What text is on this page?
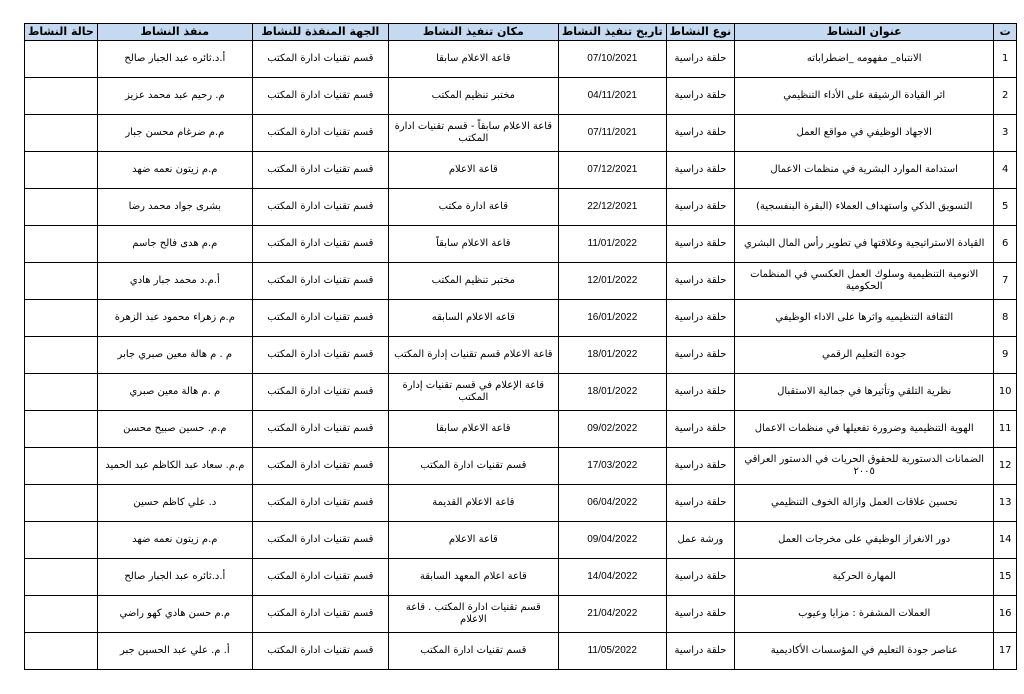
ت	عنوان النشاط	نوع النشاط	تاريخ تنفيذ النشاط	مكان تنفيذ النشاط	الجهة المنفذة للنشاط	منفذ النشاط	حالة النشاط
1	الانتباه_ مفهومه _اضطراباته	حلقة دراسية	07/10/2021	قاعة الاعلام سابقا	قسم تقنيات ادارة المكتب	أ.د.ثائره عبد الجبار صالح	
2	اثر القيادة الرشيقة على الأداء التنظيمي	حلقة دراسية	04/11/2021	مختبر تنظيم المكتب	قسم تقنيات ادارة المكتب	م. رحيم عبد محمد عزيز	
3	الاجهاد الوظيفي في مواقع العمل	حلقة دراسية	07/11/2021	قاعة الاعلام سابقاً - قسم تقنيات ادارة المكتب	قسم تقنيات ادارة المكتب	م.م ضرغام محسن جبار	
4	استدامة الموارد البشرية في منظمات الاعمال	حلقة دراسية	07/12/2021	قاعة الاعلام	قسم تقنيات ادارة المكتب	م.م زيتون نعمه ضهد	
5	التسويق الذكي واستهداف العملاء (البقرة البنفسجية)	حلقة دراسية	22/12/2021	قاعة ادارة مكتب	قسم تقنيات ادارة المكتب	بشرى جواد محمد رضا	
6	القيادة الاستراتيجية وعلاقتها في تطوير رأس المال البشري	حلقة دراسية	11/01/2022	قاعة الاعلام سابقاً	قسم تقنيات ادارة المكتب	م.م هدى فالح جاسم	
7	الانومية التنظيمية وسلوك العمل العكسي في المنظمات الحكومية	حلقة دراسية	12/01/2022	مختبر تنظيم المكتب	قسم تقنيات ادارة المكتب	أ.م.د محمد جبار هادي	
8	الثقافة التنظيميه واثرها على الاداء الوظيفي	حلقة دراسية	16/01/2022	قاعه الاعلام السابقه	قسم تقنيات ادارة المكتب	م.م زهراء محمود عبد الزهرة	
9	جودة التعليم الرقمي	حلقة دراسية	18/01/2022	قاعة الاعلام قسم تقنيات إدارة المكتب	قسم تقنيات ادارة المكتب	م . م هالة معين صبري جابر	
10	نظرية التلقي وتأثيرها في جمالية الاستقبال	حلقة دراسية	18/01/2022	قاعة الإعلام في قسم تقنيات إدارة المكتب	قسم تقنيات ادارة المكتب	م .م هالة معين صبري	
11	الهوية التنظيمية وضرورة تفعيلها في منظمات الاعمال	حلقة دراسية	09/02/2022	قاعة الاعلام سابقا	قسم تقنيات ادارة المكتب	م.م. حسين صبيح محسن	
12	الضمانات الدستورية للحقوق الحريات في الدستور العراقي ٢٠٠٥	حلقة دراسية	17/03/2022	قسم تقنيات ادارة المكتب	قسم تقنيات ادارة المكتب	م.م. سعاد عبد الكاظم عبد الحميد	
13	تحسين علاقات العمل وازالة الخوف التنظيمي	حلقة دراسية	06/04/2022	قاعة الاعلام القديمة	قسم تقنيات ادارة المكتب	د. علي كاظم حسين	
14	دور الانغراز الوظيفي على مخرجات العمل	ورشة عمل	09/04/2022	قاعة الاعلام	قسم تقنيات ادارة المكتب	م.م زيتون نعمه ضهد	
15	المهارة الحركية	حلقة دراسية	14/04/2022	قاعة اعلام المعهد السابقة	قسم تقنيات ادارة المكتب	أ.د.ثائره عبد الجبار صالح	
16	العملات المشفرة : مزايا وعيوب	حلقة دراسية	21/04/2022	قسم تقنيات ادارة المكتب . قاعة الاعلام	قسم تقنيات ادارة المكتب	م.م حسن هادي كهو راضي	
17	عناصر جودة التعليم في المؤسسات الأكاديمية	حلقة دراسية	11/05/2022	قسم تقنيات ادارة المكتب	قسم تقنيات ادارة المكتب	أ. م. علي عبد الحسين جبر	
